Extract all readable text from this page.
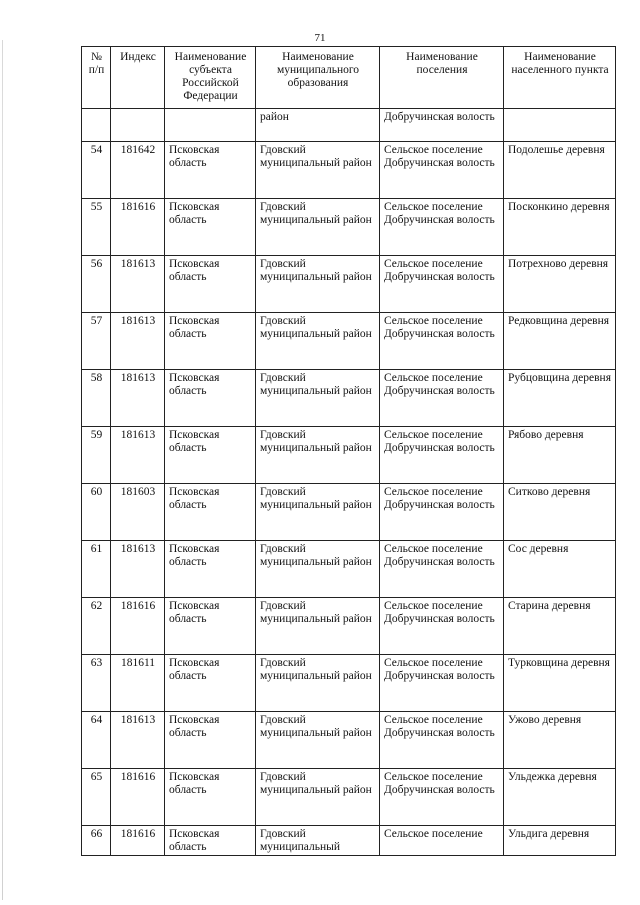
71
№ п/п	Индекс	Наименование субъекта Российской Федерации	Наименование муниципального образования	Наименование поселения	Наименование населенного пункта
			район	Добручинская волость	
54	181642	Псковская область	Гдовский муниципальный район	Сельское поселение Добручинская волость	Подолешье деревня
55	181616	Псковская область	Гдовский муниципальный район	Сельское поселение Добручинская волость	Посконкино деревня
56	181613	Псковская область	Гдовский муниципальный район	Сельское поселение Добручинская волость	Потрехново деревня
57	181613	Псковская область	Гдовский муниципальный район	Сельское поселение Добручинская волость	Редковщина деревня
58	181613	Псковская область	Гдовский муниципальный район	Сельское поселение Добручинская волость	Рубцовщина деревня
59	181613	Псковская область	Гдовский муниципальный район	Сельское поселение Добручинская волость	Рябово деревня
60	181603	Псковская область	Гдовский муниципальный район	Сельское поселение Добручинская волость	Ситково деревня
61	181613	Псковская область	Гдовский муниципальный район	Сельское поселение Добручинская волость	Сос деревня
62	181616	Псковская область	Гдовский муниципальный район	Сельское поселение Добручинская волость	Старина деревня
63	181611	Псковская область	Гдовский муниципальный район	Сельское поселение Добручинская волость	Турковщина деревня
64	181613	Псковская область	Гдовский муниципальный район	Сельское поселение Добручинская волость	Ужово деревня
65	181616	Псковская область	Гдовский муниципальный район	Сельское поселение Добручинская волость	Ульдежка деревня
66	181616	Псковская область	Гдовский муниципальный	Сельское поселение	Ульдига деревня
